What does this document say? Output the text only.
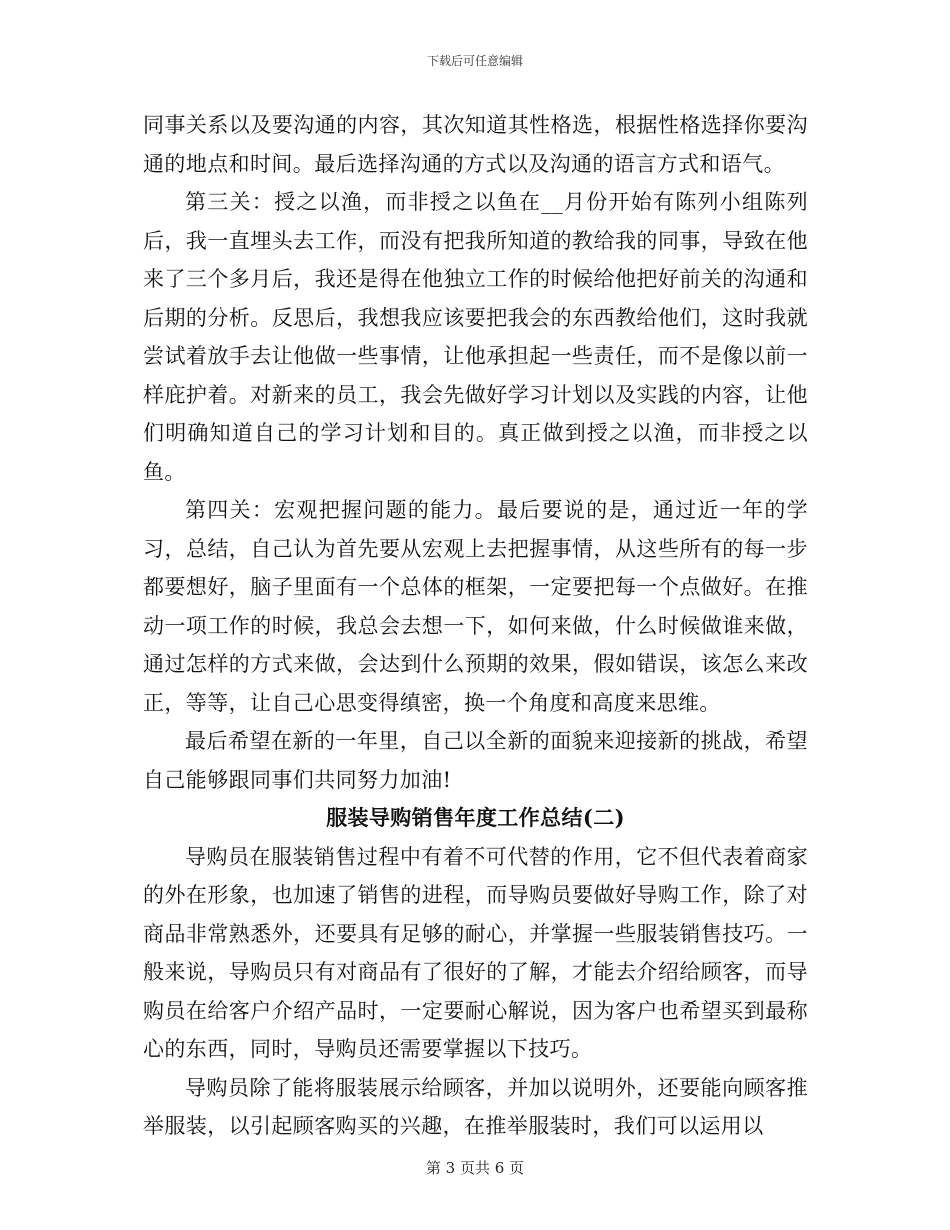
下载后可任意编辑

同事关系以及要沟通的内容，其次知道其性格选，根据性格选择你要沟通的地点和时间。最后选择沟通的方式以及沟通的语言方式和语气。

第三关：授之以渔，而非授之以鱼在__月份开始有陈列小组陈列后，我一直埋头去工作，而没有把我所知道的教给我的同事，导致在他来了三个多月后，我还是得在他独立工作的时候给他把好前关的沟通和后期的分析。反思后，我想我应该要把我会的东西教给他们，这时我就尝试着放手去让他做一些事情，让他承担起一些责任，而不是像以前一样庇护着。对新来的员工，我会先做好学习计划以及实践的内容，让他们明确知道自己的学习计划和目的。真正做到授之以渔，而非授之以鱼。

第四关：宏观把握问题的能力。最后要说的是，通过近一年的学习，总结，自己认为首先要从宏观上去把握事情，从这些所有的每一步都要想好，脑子里面有一个总体的框架，一定要把每一个点做好。在推动一项工作的时候，我总会去想一下，如何来做，什么时候做谁来做，通过怎样的方式来做，会达到什么预期的效果，假如错误，该怎么来改正，等等，让自己心思变得缜密，换一个角度和高度来思维。

最后希望在新的一年里，自己以全新的面貌来迎接新的挑战，希望自己能够跟同事们共同努力加油!

服装导购销售年度工作总结(二)

导购员在服装销售过程中有着不可代替的作用，它不但代表着商家的外在形象，也加速了销售的进程，而导购员要做好导购工作，除了对商品非常熟悉外，还要具有足够的耐心，并掌握一些服装销售技巧。一般来说，导购员只有对商品有了很好的了解，才能去介绍给顾客，而导购员在给客户介绍产品时，一定要耐心解说，因为客户也希望买到最称心的东西，同时，导购员还需要掌握以下技巧。

导购员除了能将服装展示给顾客，并加以说明外，还要能向顾客推举服装，以引起顾客购买的兴趣，在推举服装时，我们可以运用以

第 3 页共 6 页
